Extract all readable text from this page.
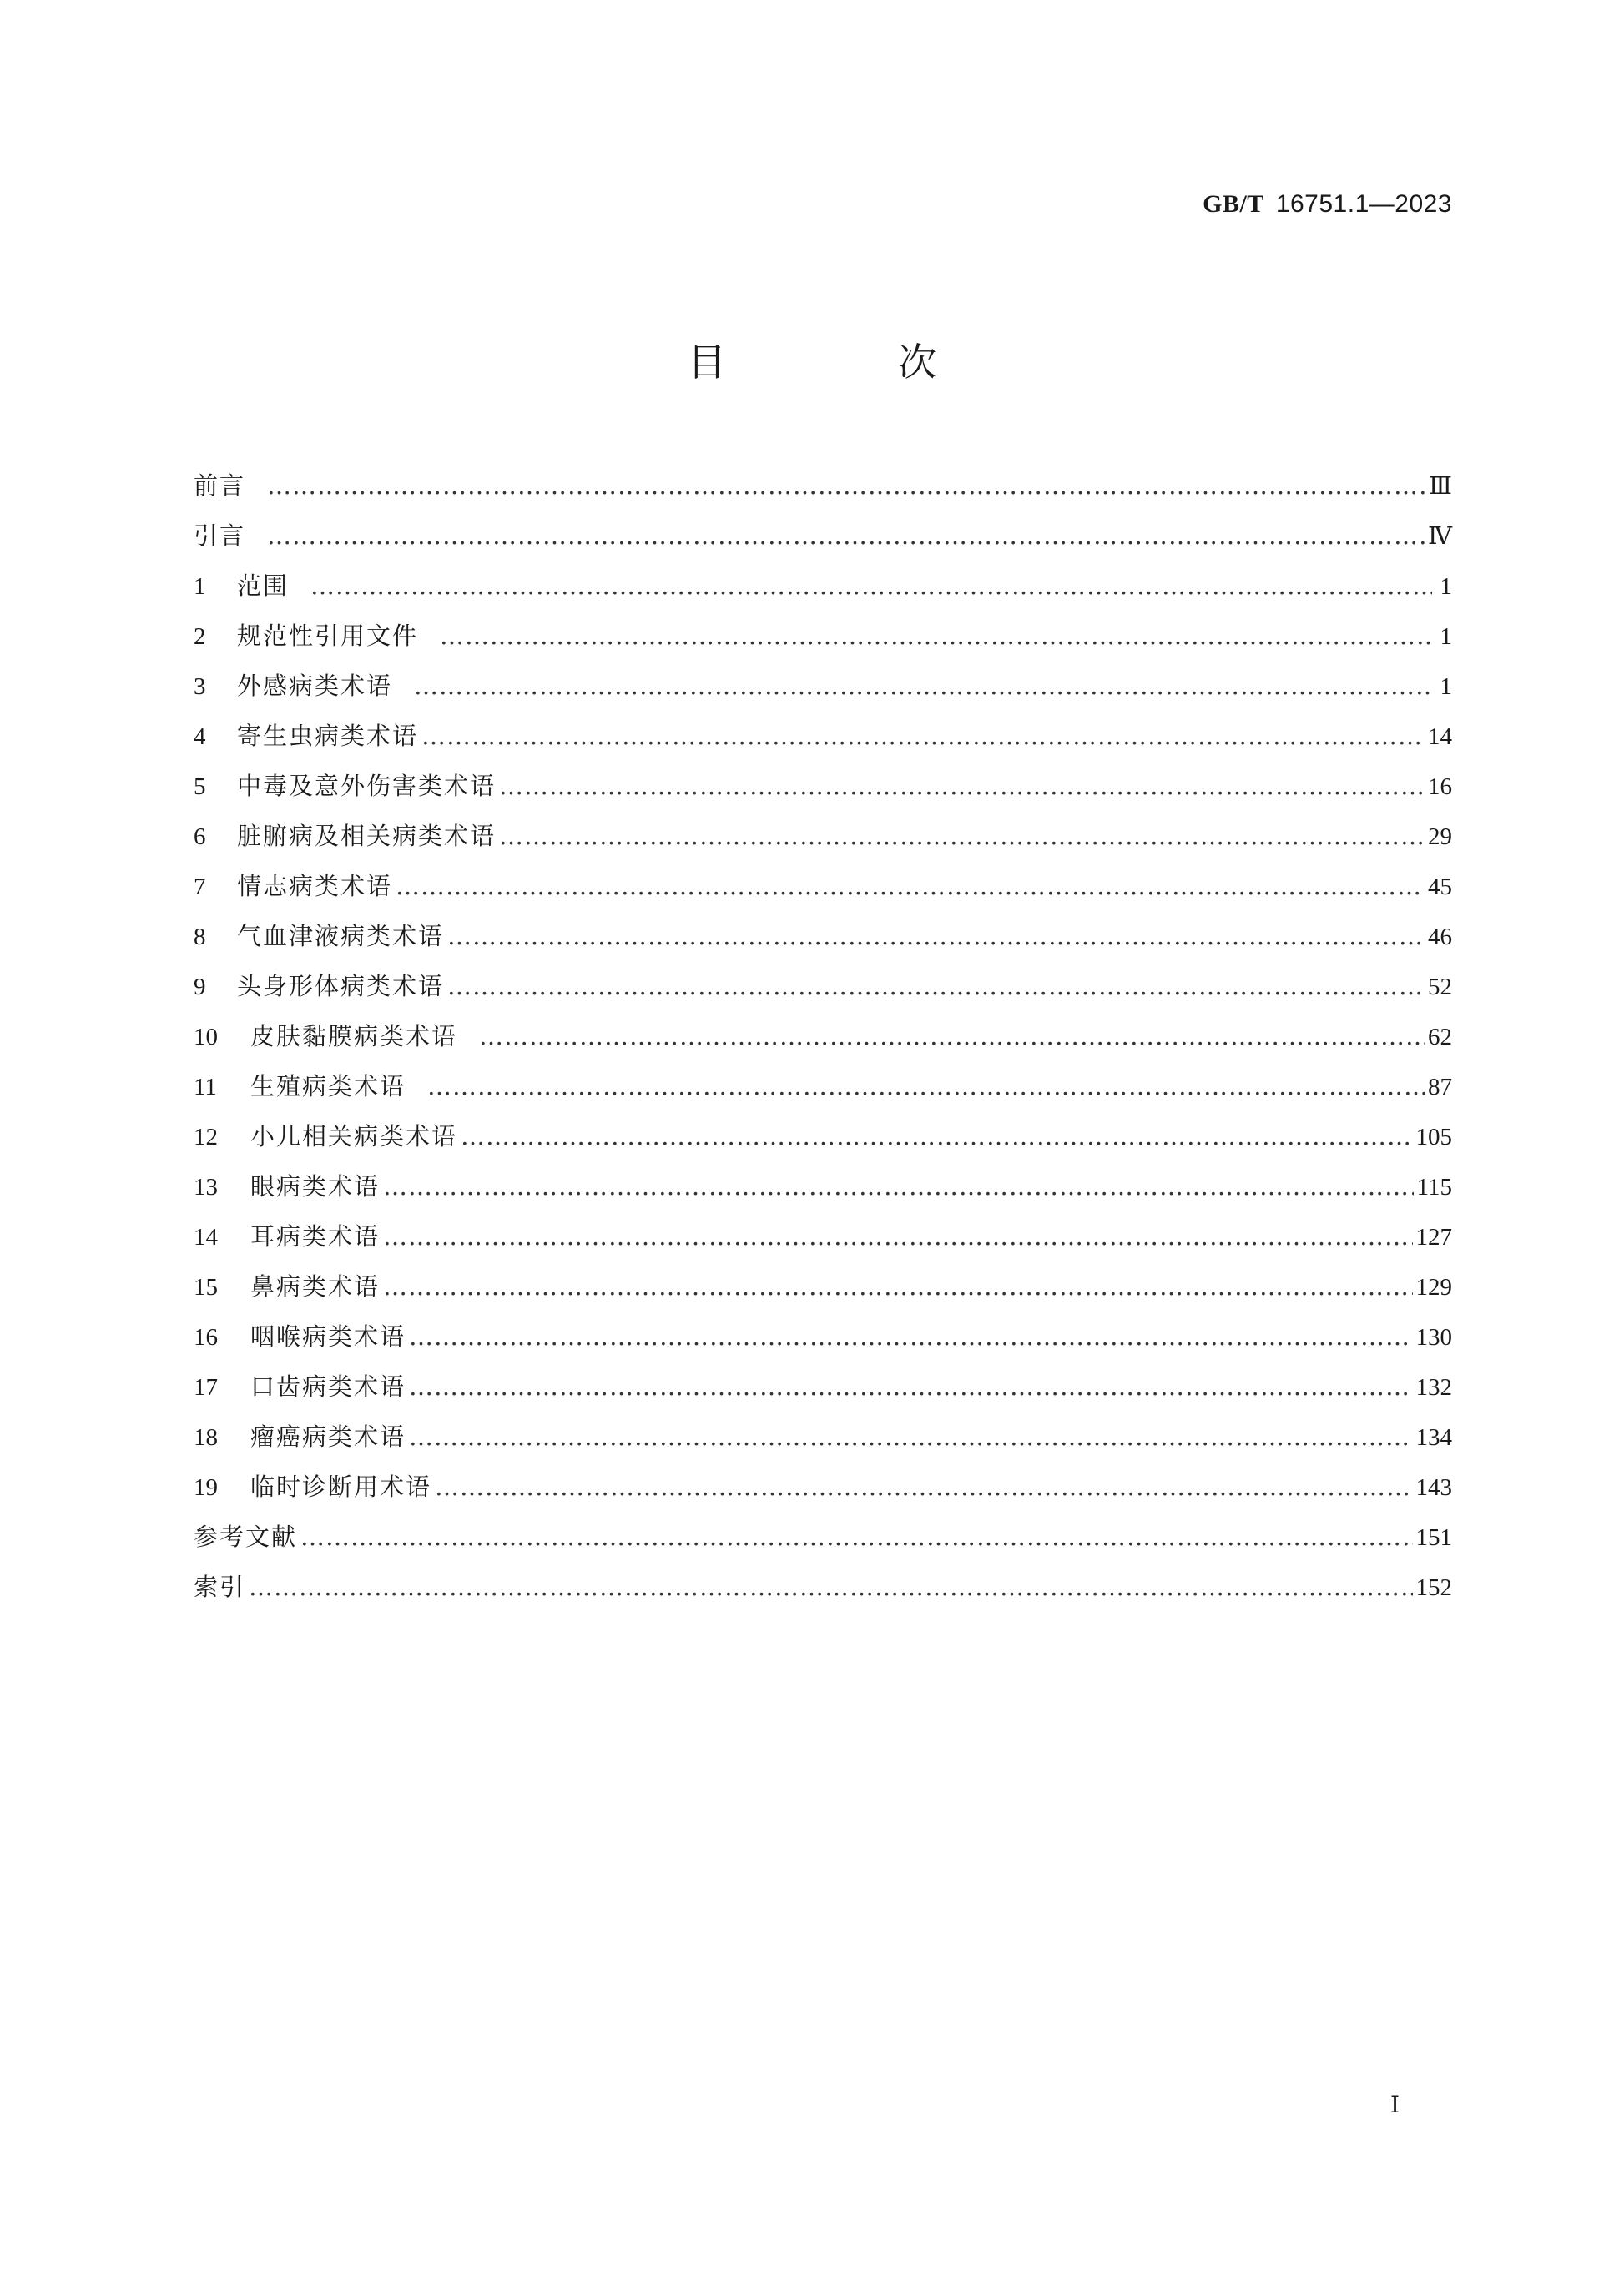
GB/T 16751.1—2023
目 次
前言 ………………………………………………………………………………………………………………………………………………………………………………………………………………………………	Ⅲ
引言 ………………………………………………………………………………………………………………………………………………………………………………………………………………………………	Ⅳ
1	范围 ………………………………………………………………………………………………………………………………………………………………………………………………………………………………	1
2	规范性引用文件 ………………………………………………………………………………………………………………………………………………………………………………………………………………………………	1
3	外感病类术语 ………………………………………………………………………………………………………………………………………………………………………………………………………………………………	1
4	寄生虫病类术语 ………………………………………………………………………………………………………………………………………………………………………………………………………………………………	14
5	中毒及意外伤害类术语 ………………………………………………………………………………………………………………………………………………………………………………………………………………………………	16
6	脏腑病及相关病类术语 ………………………………………………………………………………………………………………………………………………………………………………………………………………………………	29
7	情志病类术语 ………………………………………………………………………………………………………………………………………………………………………………………………………………………………	45
8	气血津液病类术语 ………………………………………………………………………………………………………………………………………………………………………………………………………………………………	46
9	头身形体病类术语 ………………………………………………………………………………………………………………………………………………………………………………………………………………………………	52
10	皮肤黏膜病类术语 ………………………………………………………………………………………………………………………………………………………………………………………………………………………………	62
11	生殖病类术语 ………………………………………………………………………………………………………………………………………………………………………………………………………………………………	87
12	小儿相关病类术语 ………………………………………………………………………………………………………………………………………………………………………………………………………………………………	105
13	眼病类术语 ………………………………………………………………………………………………………………………………………………………………………………………………………………………………	115
14	耳病类术语 ………………………………………………………………………………………………………………………………………………………………………………………………………………………………	127
15	鼻病类术语 ………………………………………………………………………………………………………………………………………………………………………………………………………………………………	129
16	咽喉病类术语 ………………………………………………………………………………………………………………………………………………………………………………………………………………………………	130
17	口齿病类术语 ………………………………………………………………………………………………………………………………………………………………………………………………………………………………	132
18	瘤癌病类术语 ………………………………………………………………………………………………………………………………………………………………………………………………………………………………	134
19	临时诊断用术语 ………………………………………………………………………………………………………………………………………………………………………………………………………………………………	143
参考文献 ………………………………………………………………………………………………………………………………………………………………………………………………………………………………	151
索引 ………………………………………………………………………………………………………………………………………………………………………………………………………………………………	152
Ⅰ
